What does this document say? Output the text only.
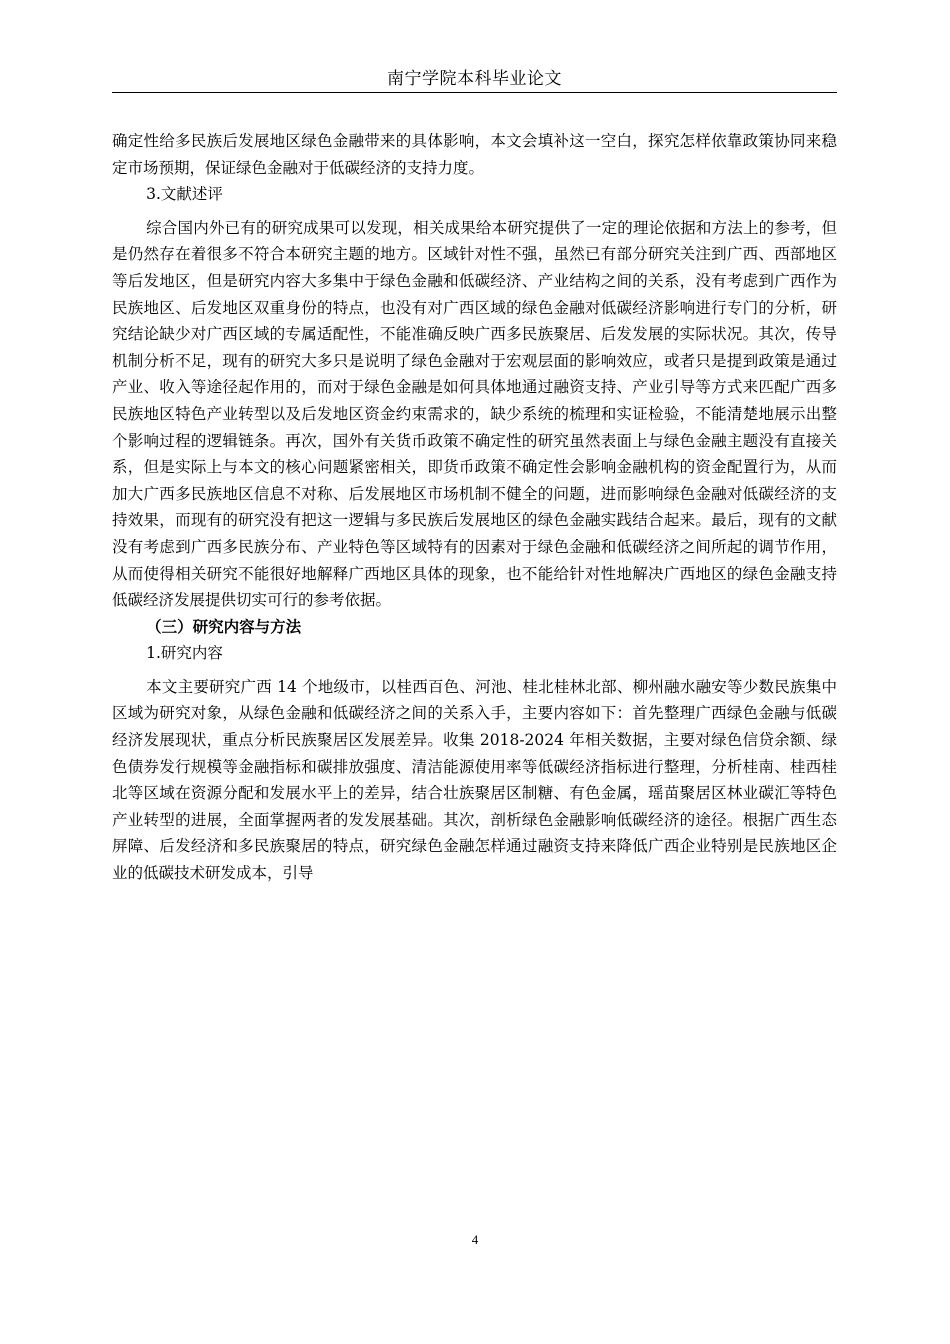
南宁学院本科毕业论文

确定性给多民族后发展地区绿色金融带来的具体影响，本文会填补这一空白，探究怎样依靠政策协同来稳定市场预期，保证绿色金融对于低碳经济的支持力度。

3.文献述评

综合国内外已有的研究成果可以发现，相关成果给本研究提供了一定的理论依据和方法上的参考，但是仍然存在着很多不符合本研究主题的地方。区域针对性不强，虽然已有部分研究关注到广西、西部地区等后发地区，但是研究内容大多集中于绿色金融和低碳经济、产业结构之间的关系，没有考虑到广西作为民族地区、后发地区双重身份的特点，也没有对广西区域的绿色金融对低碳经济影响进行专门的分析，研究结论缺少对广西区域的专属适配性，不能准确反映广西多民族聚居、后发发展的实际状况。其次，传导机制分析不足，现有的研究大多只是说明了绿色金融对于宏观层面的影响效应，或者只是提到政策是通过产业、收入等途径起作用的，而对于绿色金融是如何具体地通过融资支持、产业引导等方式来匹配广西多民族地区特色产业转型以及后发地区资金约束需求的，缺少系统的梳理和实证检验，不能清楚地展示出整个影响过程的逻辑链条。再次，国外有关货币政策不确定性的研究虽然表面上与绿色金融主题没有直接关系，但是实际上与本文的核心问题紧密相关，即货币政策不确定性会影响金融机构的资金配置行为，从而加大广西多民族地区信息不对称、后发展地区市场机制不健全的问题，进而影响绿色金融对低碳经济的支持效果，而现有的研究没有把这一逻辑与多民族后发展地区的绿色金融实践结合起来。最后，现有的文献没有考虑到广西多民族分布、产业特色等区域特有的因素对于绿色金融和低碳经济之间所起的调节作用，从而使得相关研究不能很好地解释广西地区具体的现象，也不能给针对性地解决广西地区的绿色金融支持低碳经济发展提供切实可行的参考依据。

（三）研究内容与方法

1.研究内容

本文主要研究广西 14 个地级市，以桂西百色、河池、桂北桂林北部、柳州融水融安等少数民族集中区域为研究对象，从绿色金融和低碳经济之间的关系入手，主要内容如下：首先整理广西绿色金融与低碳经济发展现状，重点分析民族聚居区发展差异。收集 2018-2024 年相关数据，主要对绿色信贷余额、绿色债券发行规模等金融指标和碳排放强度、清洁能源使用率等低碳经济指标进行整理，分析桂南、桂西桂北等区域在资源分配和发展水平上的差异，结合壮族聚居区制糖、有色金属，瑶苗聚居区林业碳汇等特色产业转型的进展，全面掌握两者的发发展基础。其次，剖析绿色金融影响低碳经济的途径。根据广西生态屏障、后发经济和多民族聚居的特点，研究绿色金融怎样通过融资支持来降低广西企业特别是民族地区企业的低碳技术研发成本，引导

4
